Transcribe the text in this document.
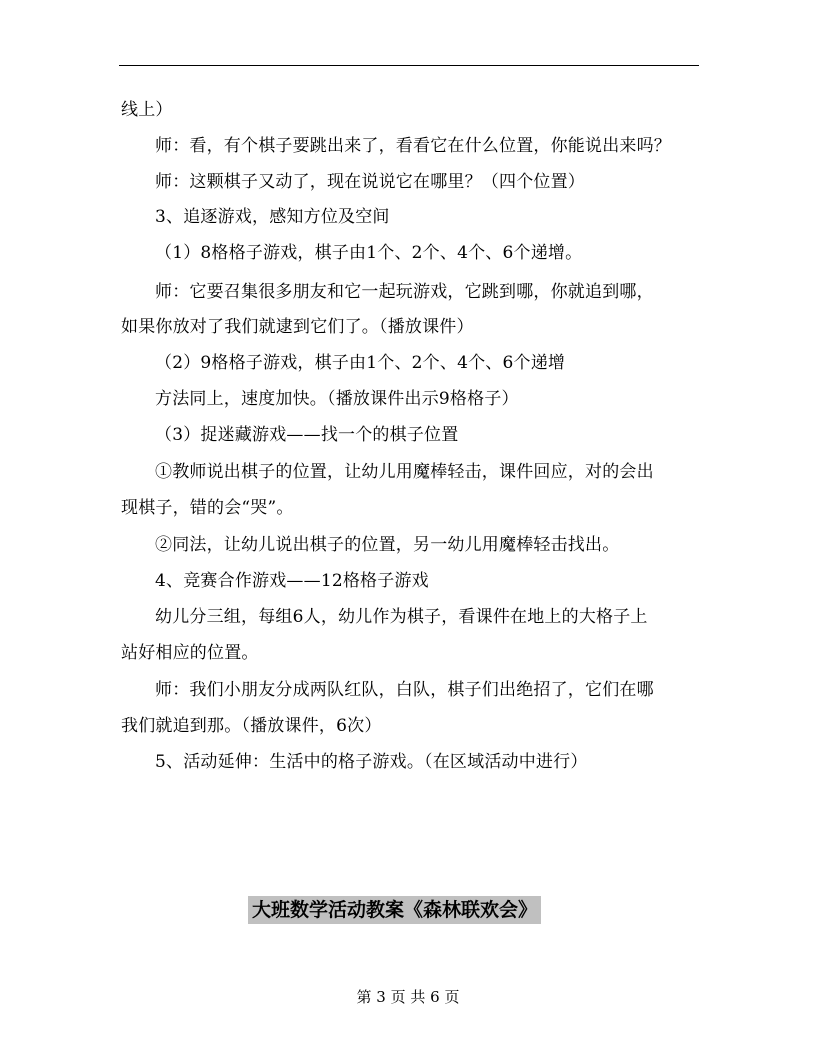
线上）
师：看，有个棋子要跳出来了，看看它在什么位置，你能说出来吗？
师：这颗棋子又动了，现在说说它在哪里？（四个位置）
3、追逐游戏，感知方位及空间
（1）8格格子游戏，棋子由1个、2个、4个、6个递增。
师：它要召集很多朋友和它一起玩游戏，它跳到哪，你就追到哪，
如果你放对了我们就逮到它们了。（播放课件）
（2）9格格子游戏，棋子由1个、2个、4个、6个递增
方法同上，速度加快。（播放课件出示9格格子）
（3）捉迷藏游戏——找一个的棋子位置
①教师说出棋子的位置，让幼儿用魔棒轻击，课件回应，对的会出
现棋子，错的会“哭”。
②同法，让幼儿说出棋子的位置，另一幼儿用魔棒轻击找出。
4、竞赛合作游戏——12格格子游戏
幼儿分三组，每组6人，幼儿作为棋子，看课件在地上的大格子上
站好相应的位置。
师：我们小朋友分成两队红队，白队，棋子们出绝招了，它们在哪
我们就追到那。（播放课件，6次）
5、活动延伸：生活中的格子游戏。（在区域活动中进行）
大班数学活动教案《森林联欢会》
第 3 页 共 6 页
